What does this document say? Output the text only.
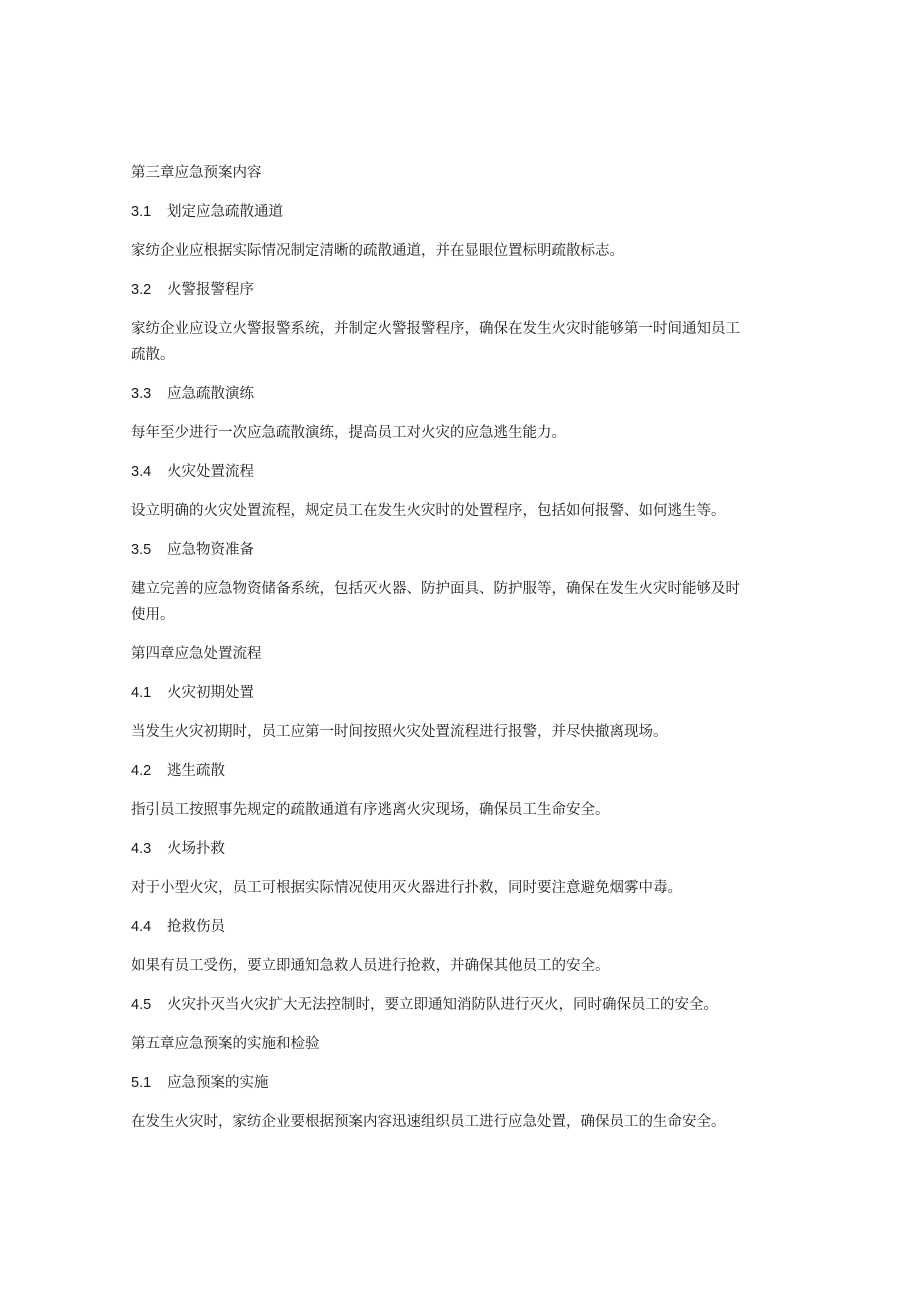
第三章应急预案内容

3.1 划定应急疏散通道

家纺企业应根据实际情况制定清晰的疏散通道，并在显眼位置标明疏散标志。

3.2 火警报警程序

家纺企业应设立火警报警系统，并制定火警报警程序，确保在发生火灾时能够第一时间通知员工

疏散。

3.3 应急疏散演练

每年至少进行一次应急疏散演练，提高员工对火灾的应急逃生能力。

3.4 火灾处置流程

设立明确的火灾处置流程，规定员工在发生火灾时的处置程序，包括如何报警、如何逃生等。

3.5 应急物资准备

建立完善的应急物资储备系统，包括灭火器、防护面具、防护服等，确保在发生火灾时能够及时

使用。

第四章应急处置流程

4.1 火灾初期处置

当发生火灾初期时，员工应第一时间按照火灾处置流程进行报警，并尽快撤离现场。

4.2 逃生疏散

指引员工按照事先规定的疏散通道有序逃离火灾现场，确保员工生命安全。

4.3 火场扑救

对于小型火灾，员工可根据实际情况使用灭火器进行扑救，同时要注意避免烟雾中毒。

4.4 抢救伤员

如果有员工受伤，要立即通知急救人员进行抢救，并确保其他员工的安全。

4.5 火灾扑灭当火灾扩大无法控制时，要立即通知消防队进行灭火，同时确保员工的安全。

第五章应急预案的实施和检验

5.1 应急预案的实施

在发生火灾时，家纺企业要根据预案内容迅速组织员工进行应急处置，确保员工的生命安全。
